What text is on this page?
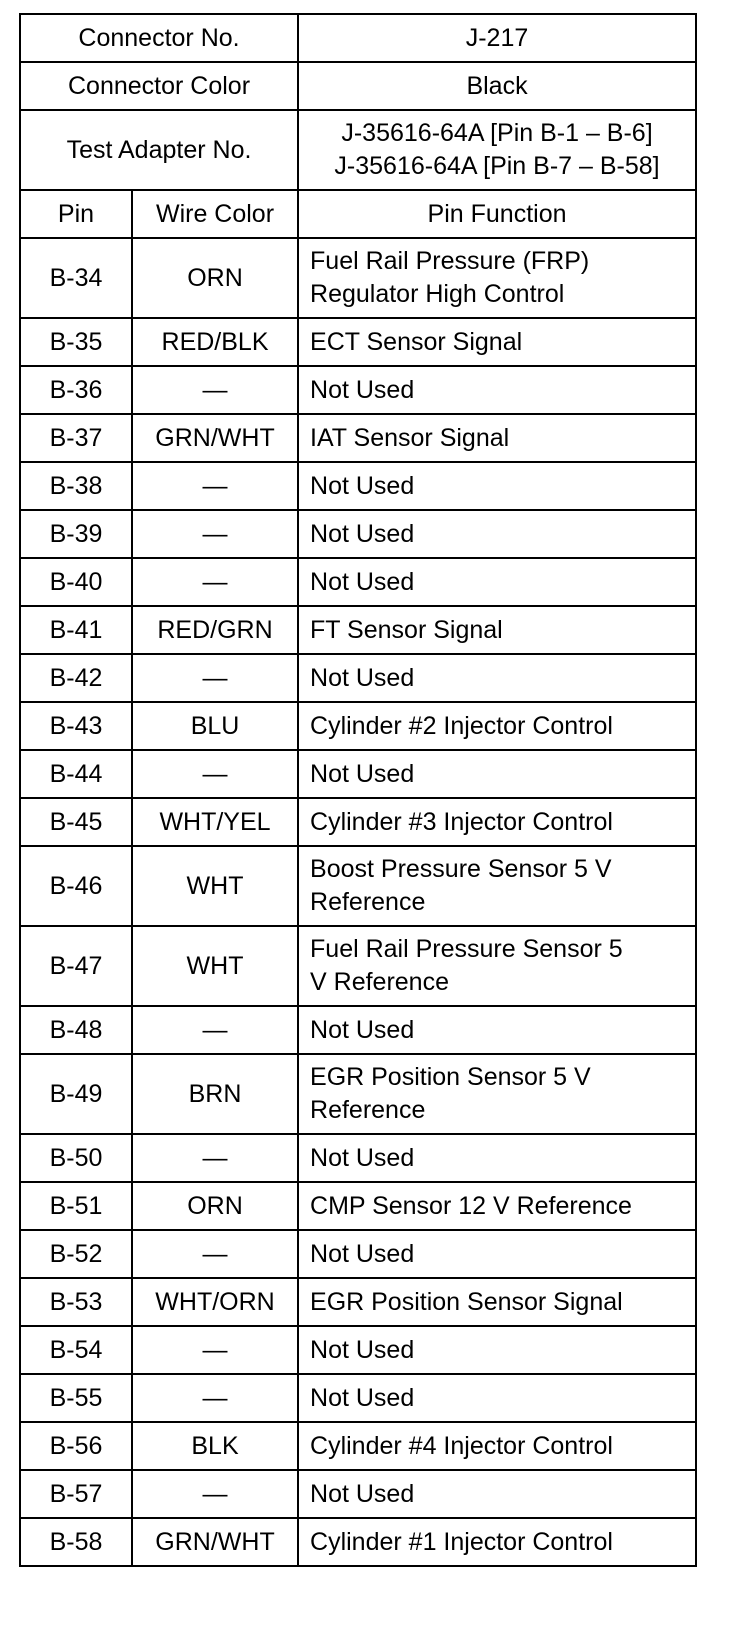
Connector No.		J-217
Connector Color		Black
Test Adapter No.		J-35616-64A [Pin B-1 – B-6]
J-35616-64A [Pin B-7 – B-58]

Pin	Wire Color	Pin Function
B-34	ORN	Fuel Rail Pressure (FRP)
Regulator High Control

B-35	RED/BLK	ECT Sensor Signal
B-36	—	Not Used
B-37	GRN/WHT	IAT Sensor Signal
B-38	—	Not Used
B-39	—	Not Used
B-40	—	Not Used
B-41	RED/GRN	FT Sensor Signal
B-42	—	Not Used
B-43	BLU	Cylinder #2 Injector Control
B-44	—	Not Used
B-45	WHT/YEL	Cylinder #3 Injector Control
B-46	WHT	Boost Pressure Sensor 5 V
Reference

B-47	WHT	Fuel Rail Pressure Sensor 5
V Reference

B-48	—	Not Used
B-49	BRN	EGR Position Sensor 5 V
Reference

B-50	—	Not Used
B-51	ORN	CMP Sensor 12 V Reference
B-52	—	Not Used
B-53	WHT/ORN	EGR Position Sensor Signal
B-54	—	Not Used
B-55	—	Not Used
B-56	BLK	Cylinder #4 Injector Control
B-57	—	Not Used
B-58	GRN/WHT	Cylinder #1 Injector Control
